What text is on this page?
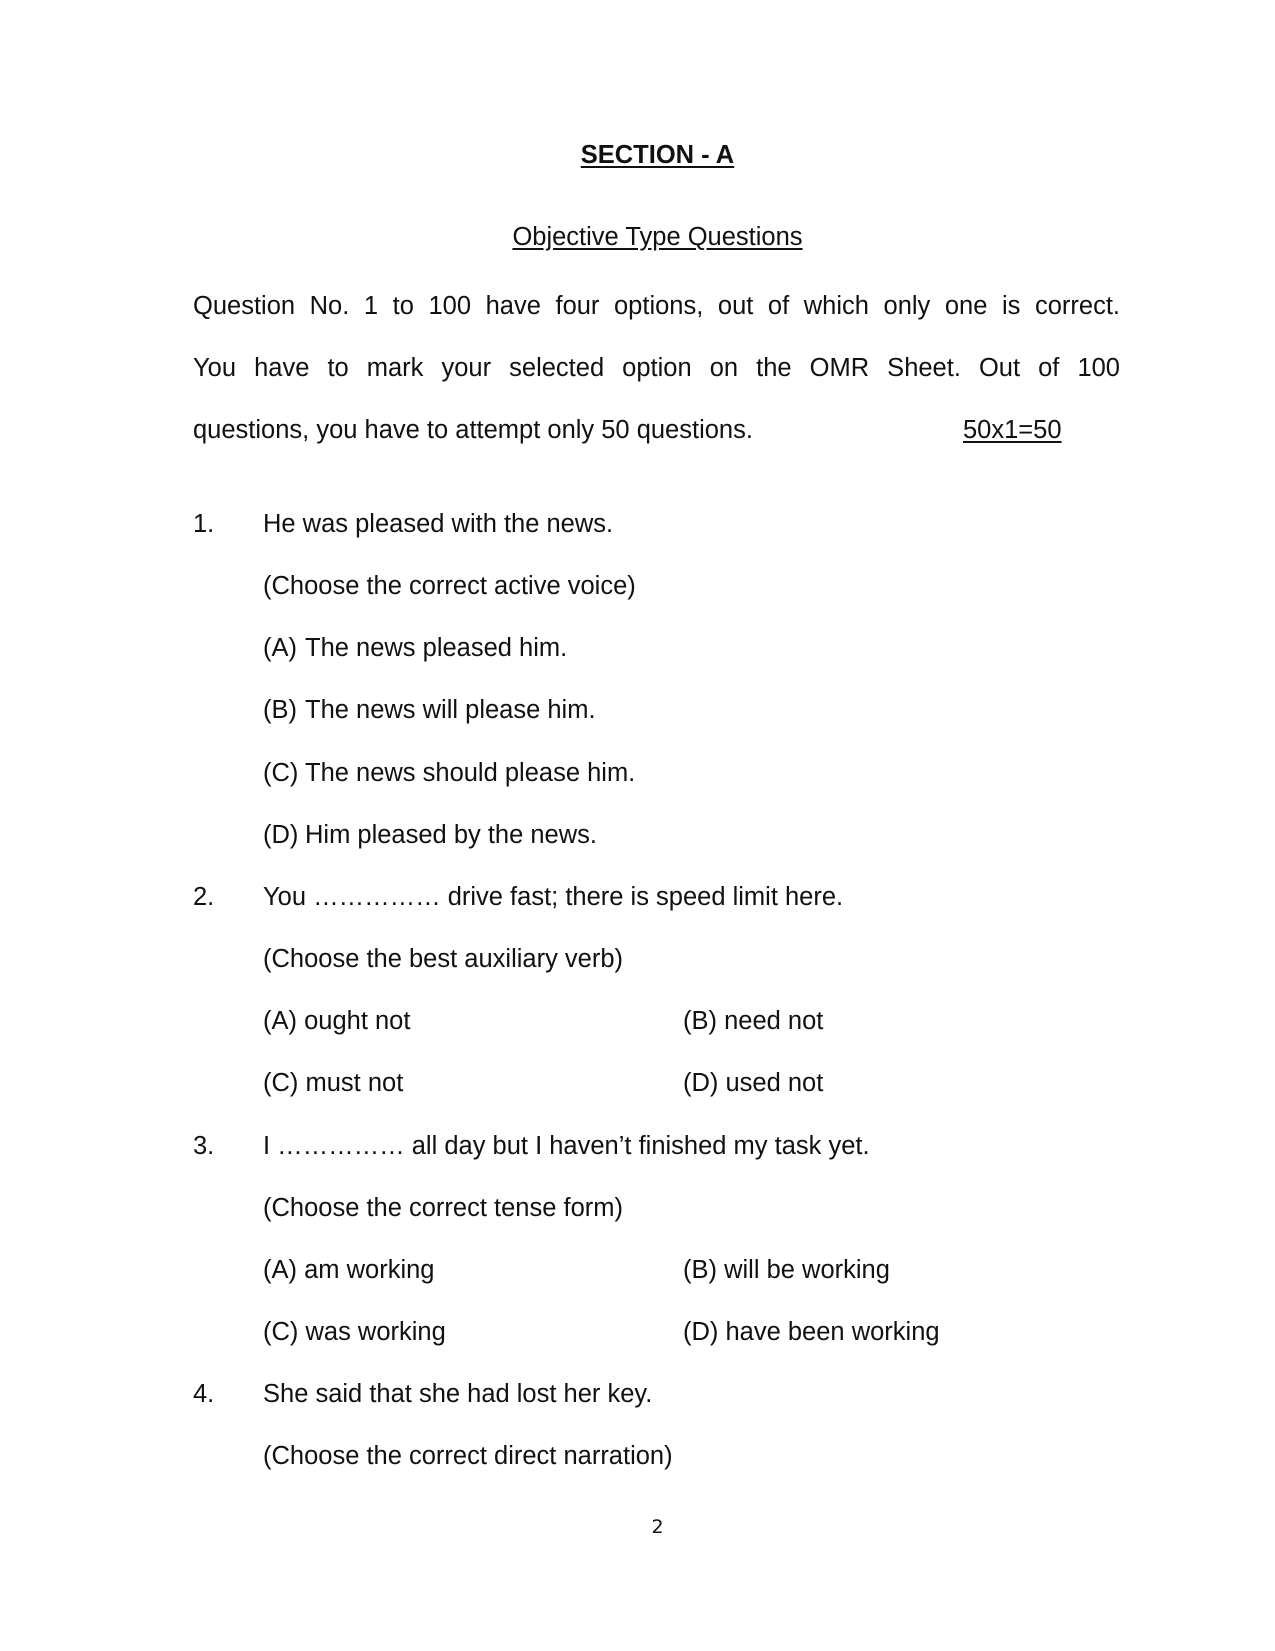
SECTION - A
Objective Type Questions
Question No. 1 to 100 have four options, out of which only one is correct.
You have to mark your selected option on the OMR Sheet. Out of 100
questions, you have to attempt only 50 questions.	50x1=50
1. He was pleased with the news.
(Choose the correct active voice)
(A) The news pleased him.
(B) The news will please him.
(C) The news should please him.
(D) Him pleased by the news.
2. You …………… drive fast; there is speed limit here.
(Choose the best auxiliary verb)
(A) ought not	(B) need not
(C) must not	(D) used not
3. I …………… all day but I haven’t finished my task yet.
(Choose the correct tense form)
(A) am working	(B) will be working
(C) was working	(D) have been working
4. She said that she had lost her key.
(Choose the correct direct narration)
2
